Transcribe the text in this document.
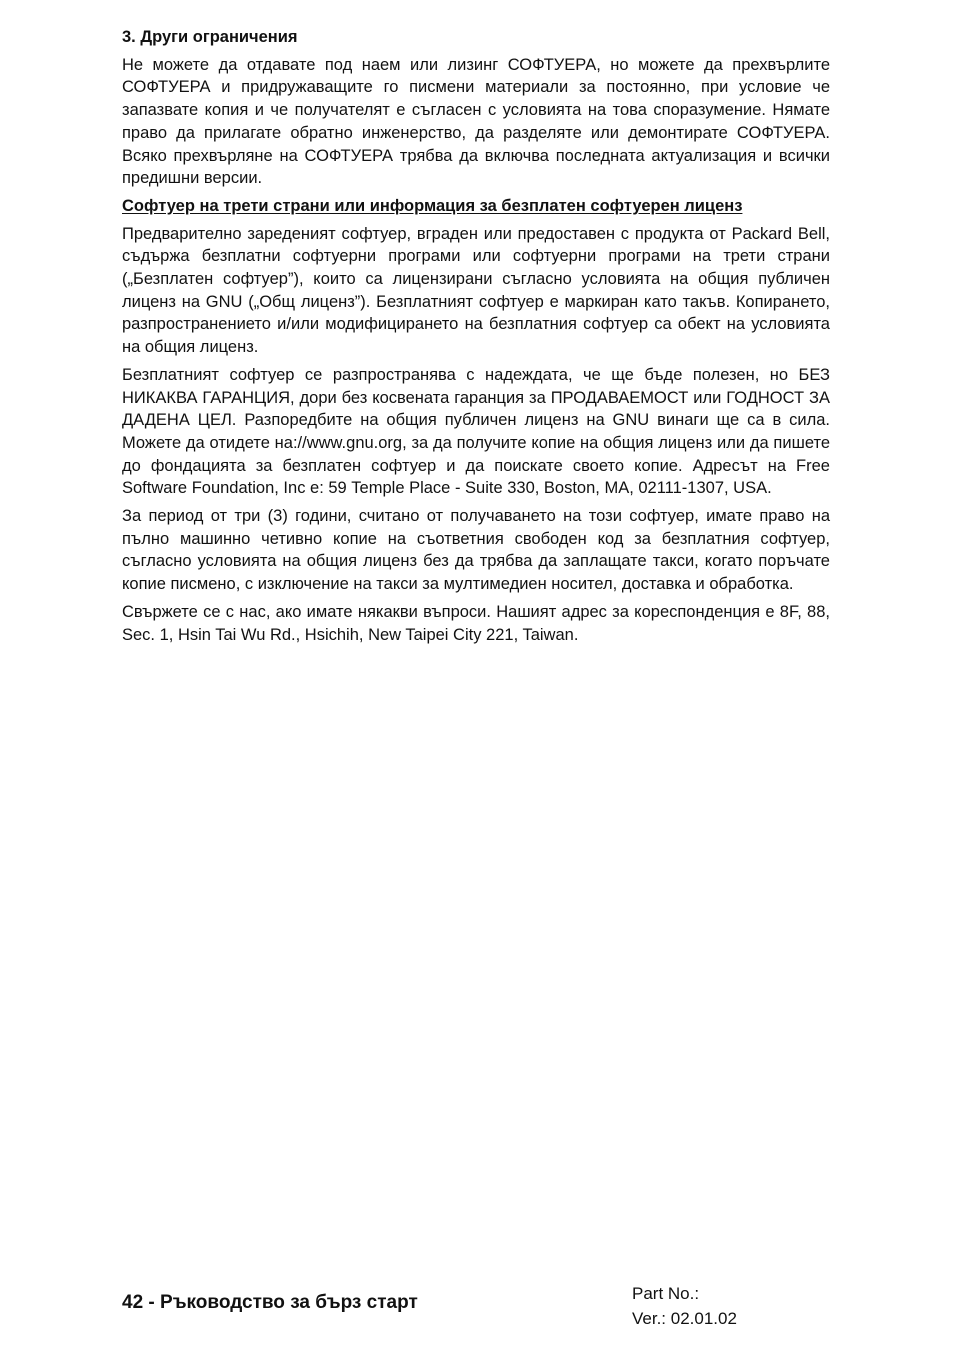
3. Други ограничения

Не можете да отдавате под наем или лизинг СОФТУЕРА, но можете да прехвърлите СОФТУЕРА и придружаващите го писмени материали за постоянно, при условие че запазвате копия и че получателят е съгласен с условията на това споразумение. Нямате право да прилагате обратно инженерство, да разделяте или демонтирате СОФТУЕРА. Всяко прехвърляне на СОФТУЕРА трябва да включва последната актуализация и всички предишни версии.

Софтуер на трети страни или информация за безплатен софтуерен лиценз

Предварително зареденият софтуер, вграден или предоставен с продукта от Packard Bell, съдържа безплатни софтуерни програми или софтуерни програми на трети страни („Безплатен софтуер”), които са лицензирани съгласно условията на общия публичен лиценз на GNU („Общ лиценз”). Безплатният софтуер е маркиран като такъв. Копирането, разпространението и/или модифицирането на безплатния софтуер са обект на условията на общия лиценз.

Безплатният софтуер се разпространява с надеждата, че ще бъде полезен, но БЕЗ НИКАКВА ГАРАНЦИЯ, дори без косвената гаранция за ПРОДАВАЕМОСТ или ГОДНОСТ ЗА ДАДЕНА ЦЕЛ. Разпоредбите на общия публичен лиценз на GNU винаги ще са в сила. Можете да отидете на://www.gnu.org, за да получите копие на общия лиценз или да пишете до фондацията за безплатен софтуер и да поискате своето копие. Адресът на Free Software Foundation, Inc е: 59 Temple Place - Suite 330, Boston, MA, 02111-1307, USA.

За период от три (3) години, считано от получаването на този софтуер, имате право на пълно машинно четивно копие на съответния свободен код за безплатния софтуер, съгласно условията на общия лиценз без да трябва да заплащате такси, когато поръчате копие писмено, с изключение на такси за мултимедиен носител, доставка и обработка.

Свържете се с нас, ако имате някакви въпроси. Нашият адрес за кореспонденция е 8F, 88, Sec. 1, Hsin Tai Wu Rd., Hsichih, New Taipei City 221, Taiwan.

42 - Ръководство за бърз старт	Part No.:
Ver.: 02.01.02
